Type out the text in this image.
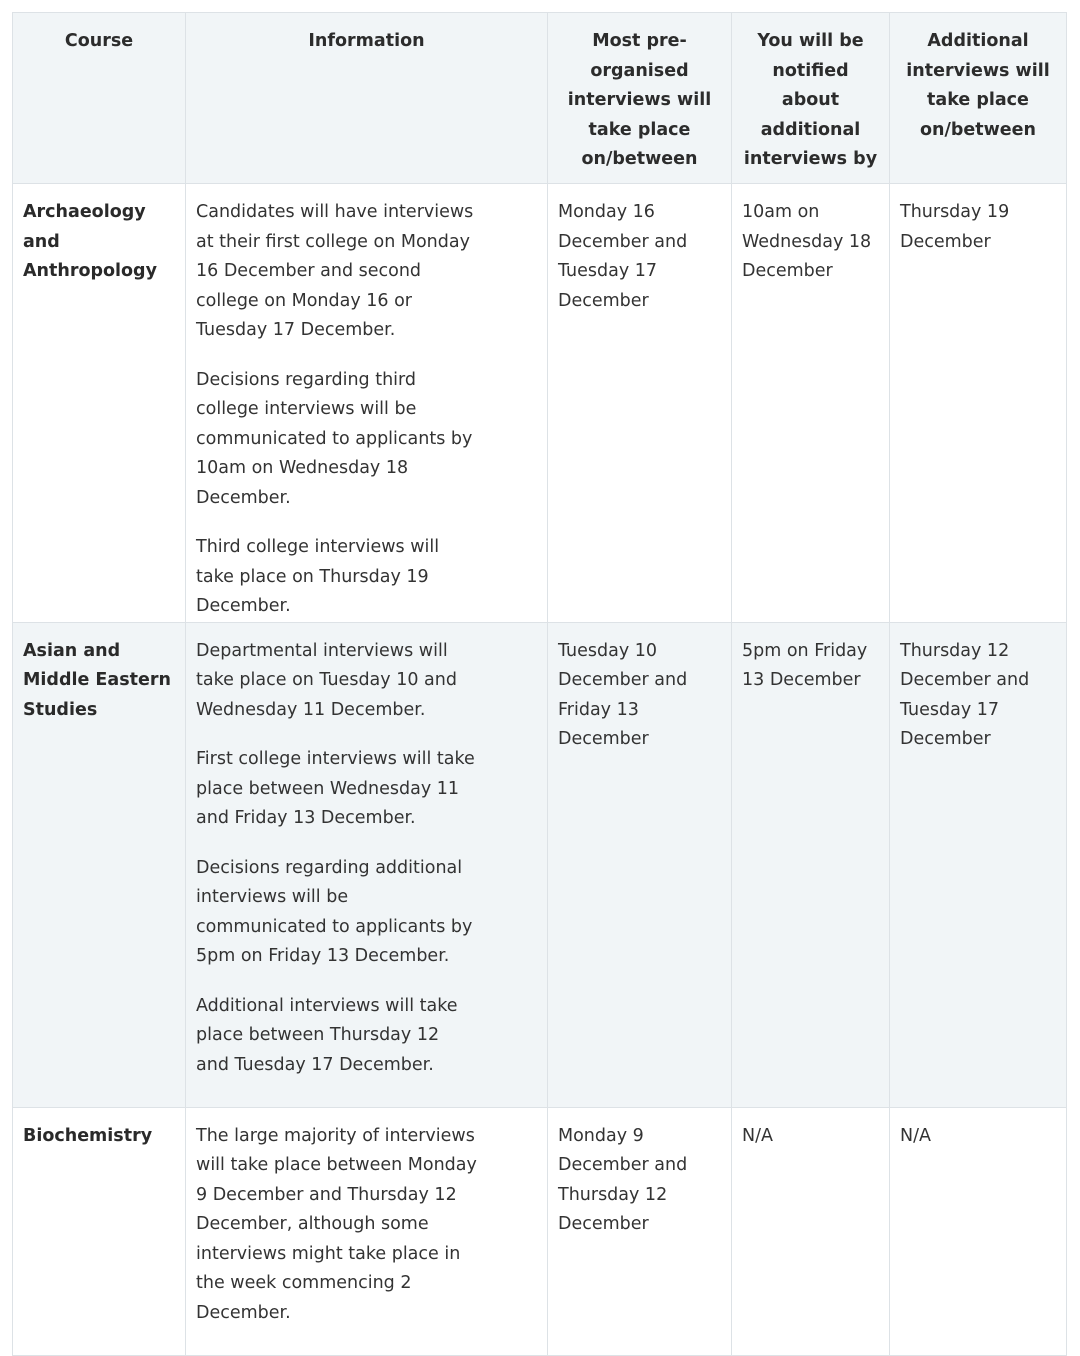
Course	Information	Most pre-organised interviews will take place on/between	You will be notified about additional interviews by	Additional interviews will take place on/between
Archaeology and Anthropology	Candidates will have interviews at their first college on Monday 16 December and second college on Monday 16 or Tuesday 17 December.

Decisions regarding third college interviews will be communicated to applicants by 10am on Wednesday 18 December.

Third college interviews will take place on Thursday 19 December.	Monday 16 December and Tuesday 17 December	10am on Wednesday 18 December	Thursday 19 December
Asian and Middle Eastern Studies	Departmental interviews will take place on Tuesday 10 and Wednesday 11 December.

First college interviews will take place between Wednesday 11 and Friday 13 December.

Decisions regarding additional interviews will be communicated to applicants by 5pm on Friday 13 December.

Additional interviews will take place between Thursday 12 and Tuesday 17 December.	Tuesday 10 December and Friday 13 December	5pm on Friday 13 December	Thursday 12 December and Tuesday 17 December
Biochemistry	The large majority of interviews will take place between Monday 9 December and Thursday 12 December, although some interviews might take place in the week commencing 2 December.	Monday 9 December and Thursday 12 December	N/A	N/A
